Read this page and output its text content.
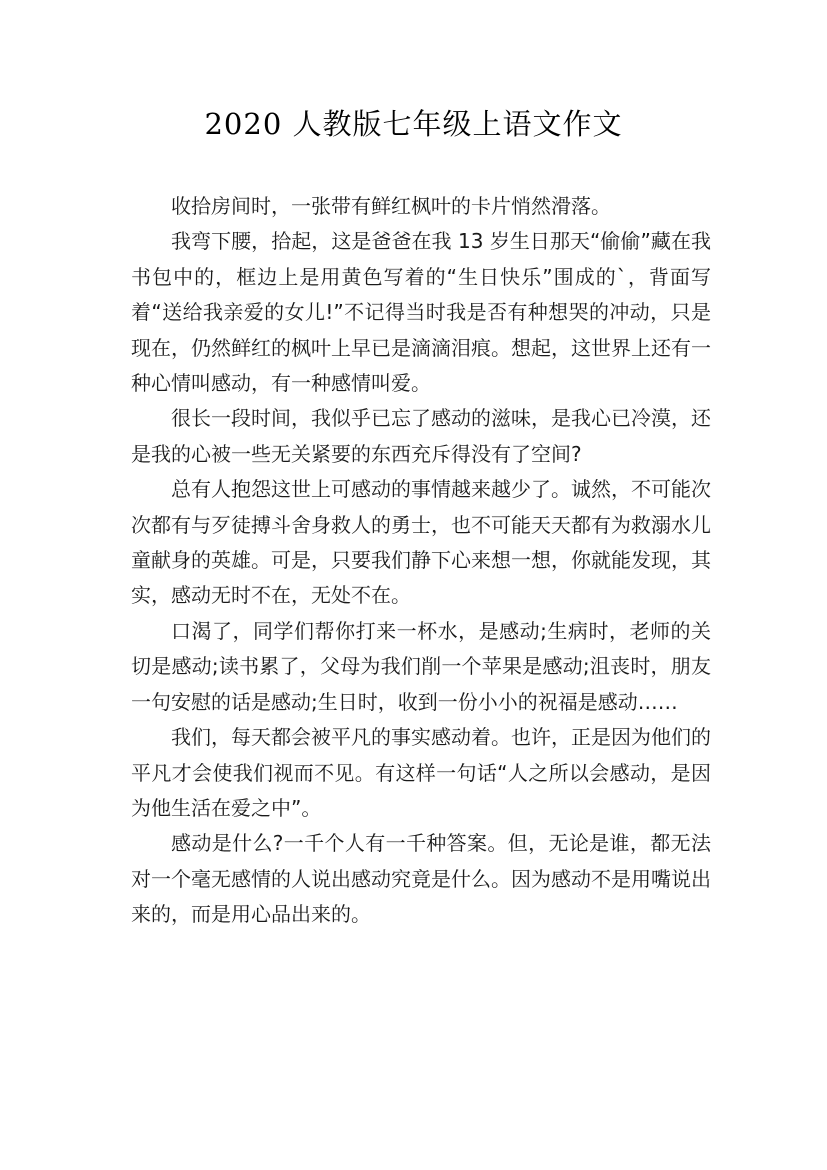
2020 人教版七年级上语文作文

收拾房间时，一张带有鲜红枫叶的卡片悄然滑落。

我弯下腰，拾起，这是爸爸在我 13 岁生日那天“偷偷”藏在我书包中的，框边上是用黄色写着的“生日快乐”围成的`，背面写着“送给我亲爱的女儿!”不记得当时我是否有种想哭的冲动，只是现在，仍然鲜红的枫叶上早已是滴滴泪痕。想起，这世界上还有一种心情叫感动，有一种感情叫爱。

很长一段时间，我似乎已忘了感动的滋味，是我心已冷漠，还是我的心被一些无关紧要的东西充斥得没有了空间?

总有人抱怨这世上可感动的事情越来越少了。诚然，不可能次次都有与歹徒搏斗舍身救人的勇士，也不可能天天都有为救溺水儿童献身的英雄。可是，只要我们静下心来想一想，你就能发现，其实，感动无时不在，无处不在。

口渴了，同学们帮你打来一杯水，是感动;生病时，老师的关切是感动;读书累了，父母为我们削一个苹果是感动;沮丧时，朋友一句安慰的话是感动;生日时，收到一份小小的祝福是感动……

我们，每天都会被平凡的事实感动着。也许，正是因为他们的平凡才会使我们视而不见。有这样一句话“人之所以会感动，是因为他生活在爱之中”。

感动是什么?一千个人有一千种答案。但，无论是谁，都无法对一个毫无感情的人说出感动究竟是什么。因为感动不是用嘴说出来的，而是用心品出来的。
